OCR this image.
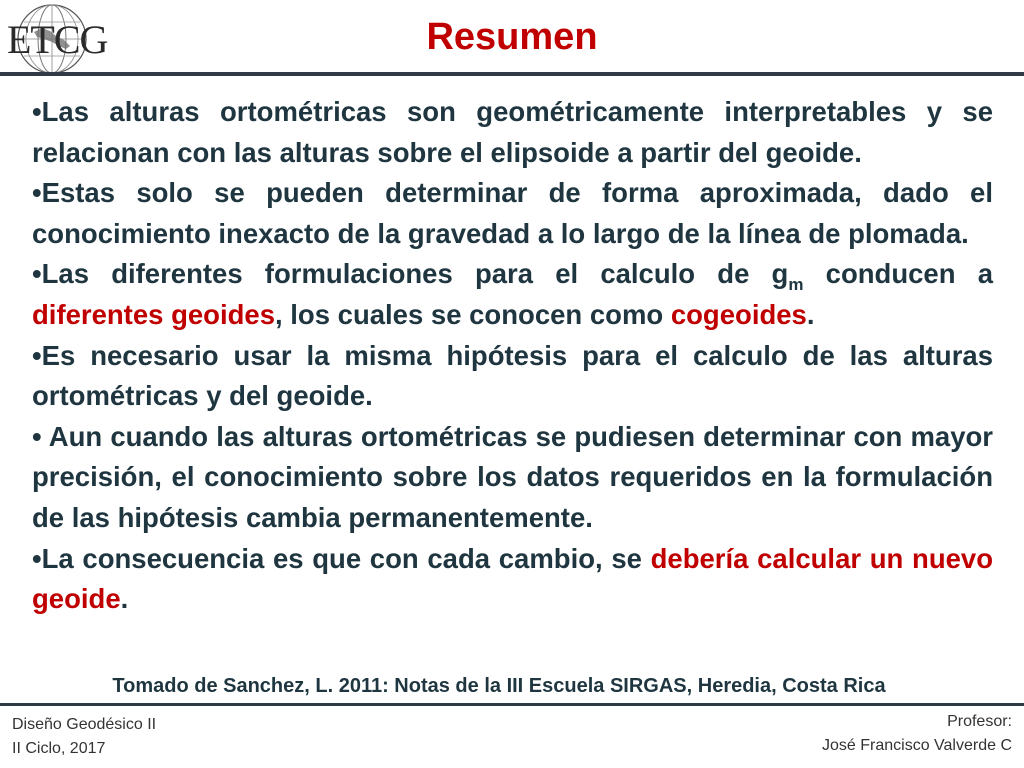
ETCG	Resumen

•Las alturas ortométricas son geométricamente interpretables y se relacionan con las alturas sobre el elipsoide a partir del geoide.

•Estas solo se pueden determinar de forma aproximada, dado el conocimiento inexacto de la gravedad a lo largo de la línea de plomada.

•Las diferentes formulaciones para el calculo de $g_m$ conducen a diferentes geoides, los cuales se conocen como cogeoides.

•Es necesario usar la misma hipótesis para el calculo de las alturas ortométricas y del geoide.

• Aun cuando las alturas ortométricas se pudiesen determinar con mayor precisión, el conocimiento sobre los datos requeridos en la formulación de las hipótesis cambia permanentemente.

•La consecuencia es que con cada cambio, se debería calcular un nuevo geoide.

Tomado de Sanchez, L. 2011: Notas de la III Escuela SIRGAS, Heredia, Costa Rica
Diseño Geodésico II
II Ciclo, 2017
Profesor:
José Francisco Valverde C
